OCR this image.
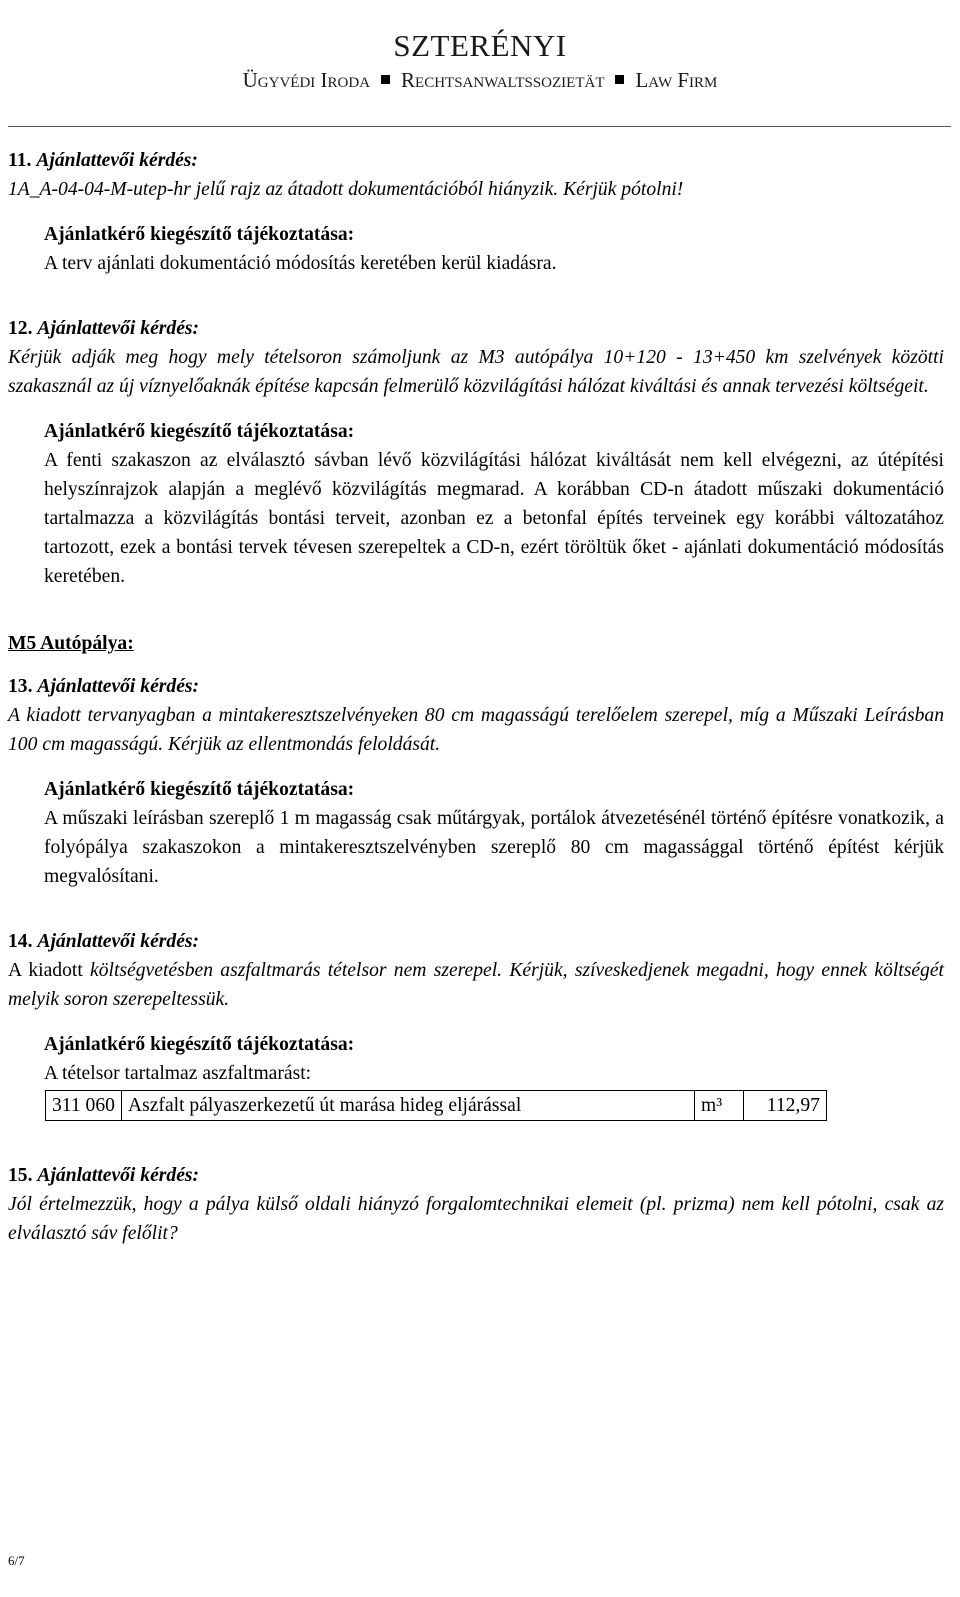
SZTERÉNYI
Ügyvédi Iroda Rechtsanwaltssozietät Law Firm

11. Ajánlattevői kérdés:

1A_A-04-04-M-utep-hr jelű rajz az átadott dokumentációból hiányzik. Kérjük pótolni!

Ajánlatkérő kiegészítő tájékoztatása:

A terv ajánlati dokumentáció módosítás keretében kerül kiadásra.

12. Ajánlattevői kérdés:

Kérjük adják meg hogy mely tételsoron számoljunk az M3 autópálya 10+120 - 13+450 km szelvények közötti szakasznál az új víznyelőaknák építése kapcsán felmerülő közvilágítási hálózat kiváltási és annak tervezési költségeit.

Ajánlatkérő kiegészítő tájékoztatása:

A fenti szakaszon az elválasztó sávban lévő közvilágítási hálózat kiváltását nem kell elvégezni, az útépítési helyszínrajzok alapján a meglévő közvilágítás megmarad. A korábban CD-n átadott műszaki dokumentáció tartalmazza a közvilágítás bontási terveit, azonban ez a betonfal építés terveinek egy korábbi változatához tartozott, ezek a bontási tervek tévesen szerepeltek a CD-n, ezért töröltük őket - ajánlati dokumentáció módosítás keretében.

M5 Autópálya:

13. Ajánlattevői kérdés:

A kiadott tervanyagban a mintakeresztszelvényeken 80 cm magasságú terelőelem szerepel, míg a Műszaki Leírásban 100 cm magasságú. Kérjük az ellentmondás feloldását.

Ajánlatkérő kiegészítő tájékoztatása:

A műszaki leírásban szereplő 1 m magasság csak műtárgyak, portálok átvezetésénél történő építésre vonatkozik, a folyópálya szakaszokon a mintakeresztszelvényben szereplő 80 cm magassággal történő építést kérjük megvalósítani.

14. Ajánlattevői kérdés:

A kiadott költségvetésben aszfaltmarás tételsor nem szerepel. Kérjük, szíveskedjenek megadni, hogy ennek költségét melyik soron szerepeltessük.

Ajánlatkérő kiegészítő tájékoztatása:

A tételsor tartalmaz aszfaltmarást:

311 060	Aszfalt pályaszerkezetű út marása hideg eljárással	m³	112,97

15. Ajánlattevői kérdés:

Jól értelmezzük, hogy a pálya külső oldali hiányzó forgalomtechnikai elemeit (pl. prizma) nem kell pótolni, csak az elválasztó sáv felőlit?

6/7
